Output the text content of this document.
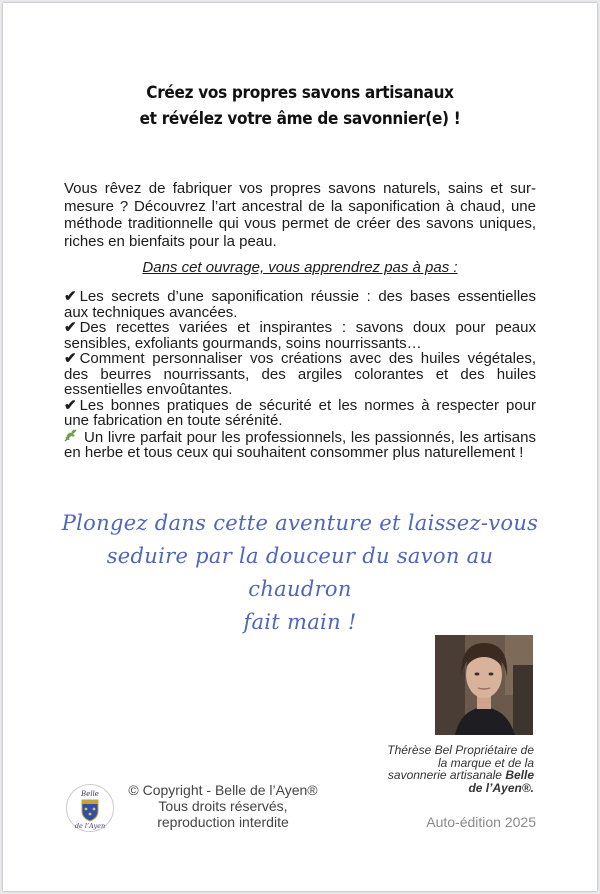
Créez vos propres savons artisanaux
et révélez votre âme de savonnier(e) !

Vous rêvez de fabriquer vos propres savons naturels, sains et sur-mesure ? Découvrez l’art ancestral de la saponification à chaud, une méthode traditionnelle qui vous permet de créer des savons uniques, riches en bienfaits pour la peau.

Dans cet ouvrage, vous apprendrez pas à pas :
✔ Les secrets d’une saponification réussie : des bases essentielles aux techniques avancées.
✔ Des recettes variées et inspirantes : savons doux pour peaux sensibles, exfoliants gourmands, soins nourrissants…
✔ Comment personnaliser vos créations avec des huiles végétales, des beurres nourrissants, des argiles colorantes et des huiles essentielles envoûtantes.
✔ Les bonnes pratiques de sécurité et les normes à respecter pour une fabrication en toute sérénité.
Un livre parfait pour les professionnels, les passionnés, les artisans en herbe et tous ceux qui souhaitent consommer plus naturellement !
Plongez dans cette aventure et laissez-vous
seduire par la douceur du savon au chaudron
fait main !

Thérèse Bel Propriétaire de
la marque et de la
savonnerie artisanale Belle
de l’Ayen®.

Belle
de l’Ayen

© Copyright - Belle de l’Ayen®
Tous droits réservés,
reproduction interdite	Auto-édition 2025
